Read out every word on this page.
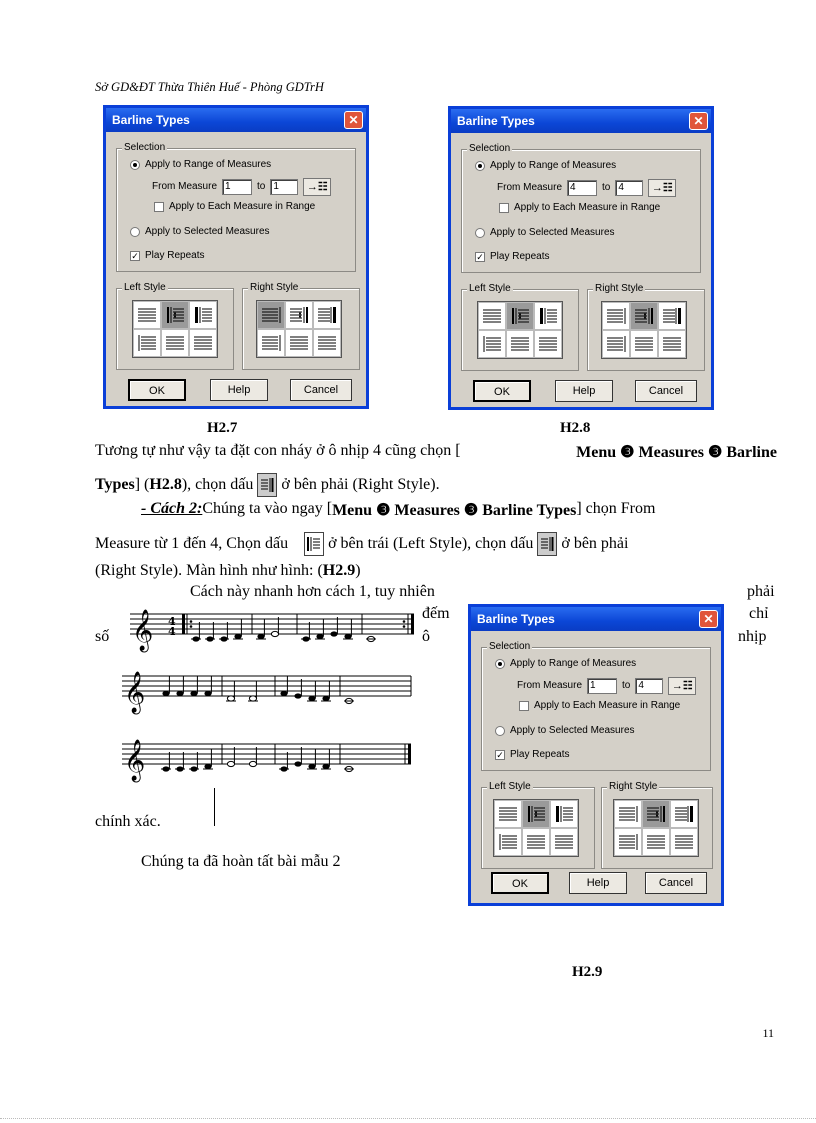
Sở GD&ĐT Thừa Thiên Huế - Phòng GDTrH
Barline Types	✕
Selection
Apply to Range of Measures
From Measure 1	to 1	→☷
Apply to Each Measure in Range
Apply to Selected Measures
✓ Play Repeats
Left Style	Right Style
OK	Help	Cancel
Barline Types	✕
Selection
Apply to Range of Measures
From Measure 4	to 4	→☷
Apply to Each Measure in Range
Apply to Selected Measures
✓ Play Repeats
Left Style	Right Style
OK	Help	Cancel
Barline Types	✕
Selection
Apply to Range of Measures
From Measure 1	to 4	→☷
Apply to Each Measure in Range
Apply to Selected Measures
✓ Play Repeats
Left Style	Right Style
OK	Help	Cancel
H2.7	H2.8
H2.9
Tương tự như vậy ta đặt con nháy ở ô nhịp 4 cũng chọn [	Menu ❸ Measures ❸ Barline
Types] (H2.8), chọn dấu
ở bên phải (Right Style).
- Cách 2: Chúng ta vào ngay [ Menu ❸ Measures ❸ Barline Types ] chọn From
Measure từ 1 đến 4, Chọn dấu
ở bên trái (Left Style), chọn dấu
ở bên phải
(Right Style). Màn hình như hình: (H2.9)
Cách này nhanh hơn cách 1, tuy nhiên	phải
đếm	chỉ
số	ô	nhịp
chính xác.
Chúng ta đã hoàn tất bài mẫu 2
𝄞 4
4
𝄞
𝄞
11
